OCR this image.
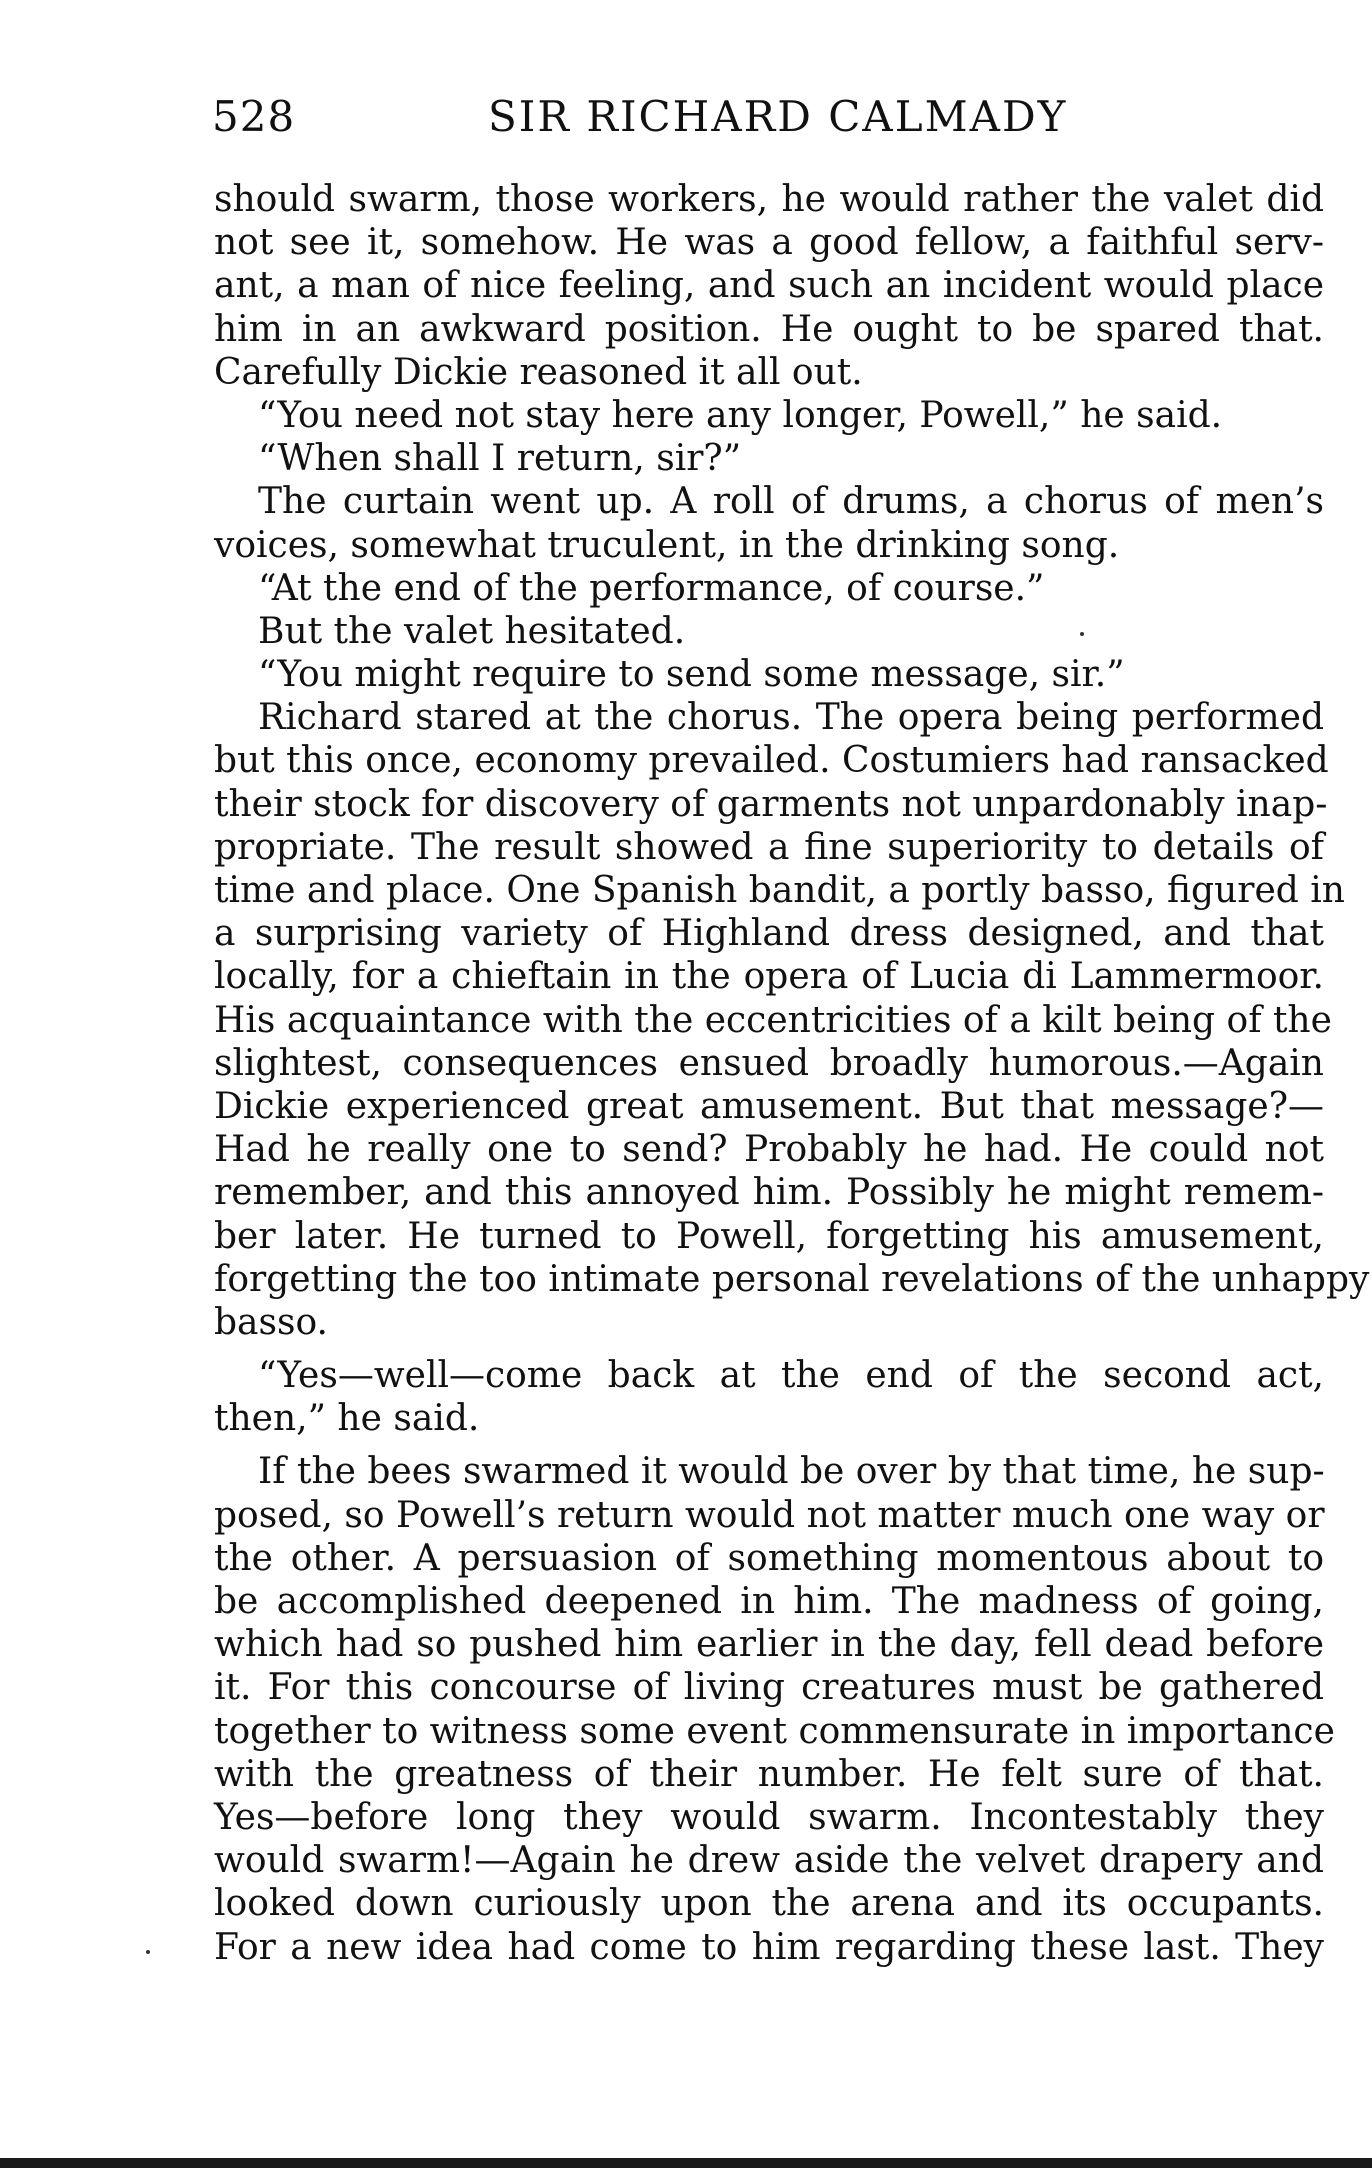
528	SIR RICHARD CALMADY
should swarm, those workers, he would rather the valet did
not see it, somehow. He was a good fellow, a faithful serv-
ant, a man of nice feeling, and such an incident would place
him in an awkward position. He ought to be spared that.
Carefully Dickie reasoned it all out.
“You need not stay here any longer, Powell,” he said.
“When shall I return, sir?”
The curtain went up. A roll of drums, a chorus of men’s
voices, somewhat truculent, in the drinking song.
“At the end of the performance, of course.”
But the valet hesitated.
“You might require to send some message, sir.”
Richard stared at the chorus. The opera being performed
but this once, economy prevailed. Costumiers had ransacked
their stock for discovery of garments not unpardonably inap-
propriate. The result showed a fine superiority to details of
time and place. One Spanish bandit, a portly basso, figured in
a surprising variety of Highland dress designed, and that
locally, for a chieftain in the opera of Lucia di Lammermoor.
His acquaintance with the eccentricities of a kilt being of the
slightest, consequences ensued broadly humorous.—Again
Dickie experienced great amusement. But that message?—
Had he really one to send? Probably he had. He could not
remember, and this annoyed him. Possibly he might remem-
ber later. He turned to Powell, forgetting his amusement,
forgetting the too intimate personal revelations of the unhappy
basso.
“Yes—well—come back at the end of the second act,
then,” he said.
If the bees swarmed it would be over by that time, he sup-
posed, so Powell’s return would not matter much one way or
the other. A persuasion of something momentous about to
be accomplished deepened in him. The madness of going,
which had so pushed him earlier in the day, fell dead before
it. For this concourse of living creatures must be gathered
together to witness some event commensurate in importance
with the greatness of their number. He felt sure of that.
Yes—before long they would swarm. Incontestably they
would swarm!—Again he drew aside the velvet drapery and
looked down curiously upon the arena and its occupants.
For a new idea had come to him regarding these last. They
